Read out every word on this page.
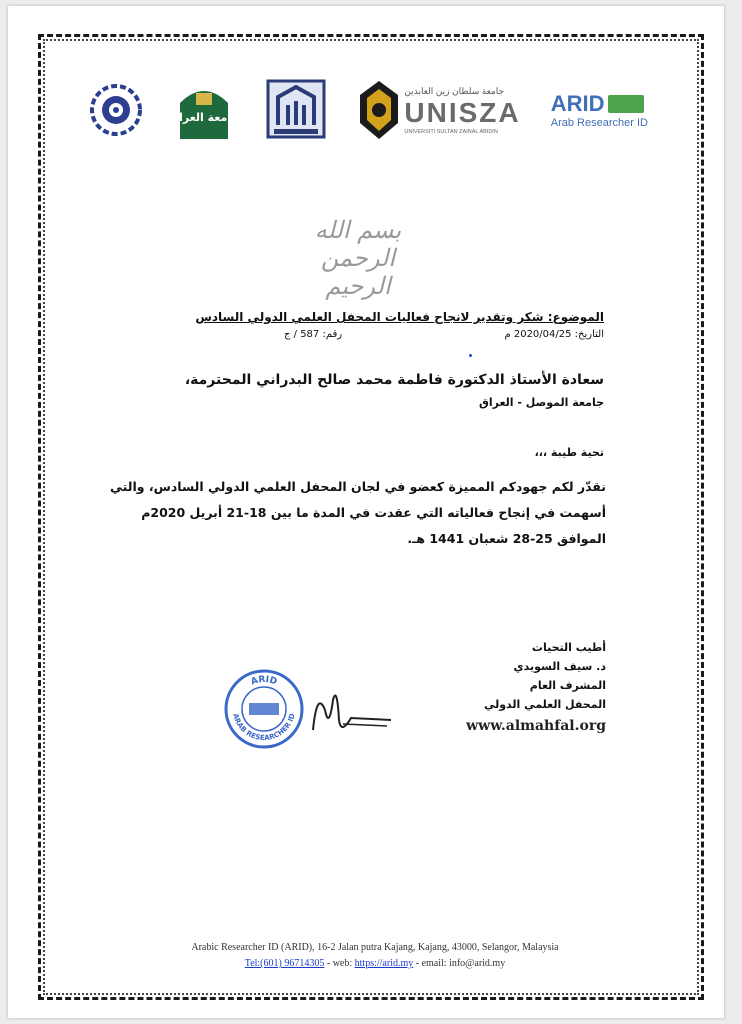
الجامعة العراقية
جامعة سلطان زين العابدين
UNISZA
UNIVERSITI SULTAN ZAINAL ABIDIN
ARID
Arab Researcher ID
بسم الله الرحمن الرحيم
الموضوع: شكر وتقدير لانجاح فعاليات المحفل العلمي الدولي السادس
التاريخ: 2020/04/25 م
رقم: 587 / ج
سعادة الأستاذ الدكتورة فاطمة محمد صالح البدراني المحترمة،
جامعة الموصل - العراق
تحية طيبة ،،،
نقدّر لكم جهودكم المميزة كعضو في لجان المحفل العلمي الدولي السادس، والتي أسهمت في إنجاح فعالياته التي عقدت في المدة ما بين 18-21 أبريل 2020م الموافق 25-28 شعبان 1441 هـ.
أطيب التحيات
د. سيف السويدي
المشرف العام
المحفل العلمي الدولي
www.almahfal.org
ARID
ARAB RESEARCHER ID
Arabic Researcher ID (ARID), 16-2 Jalan putra Kajang, Kajang, 43000, Selangor, Malaysia
Tel:(601) 96714305 - web: https://arid.my - email: info@arid.my
